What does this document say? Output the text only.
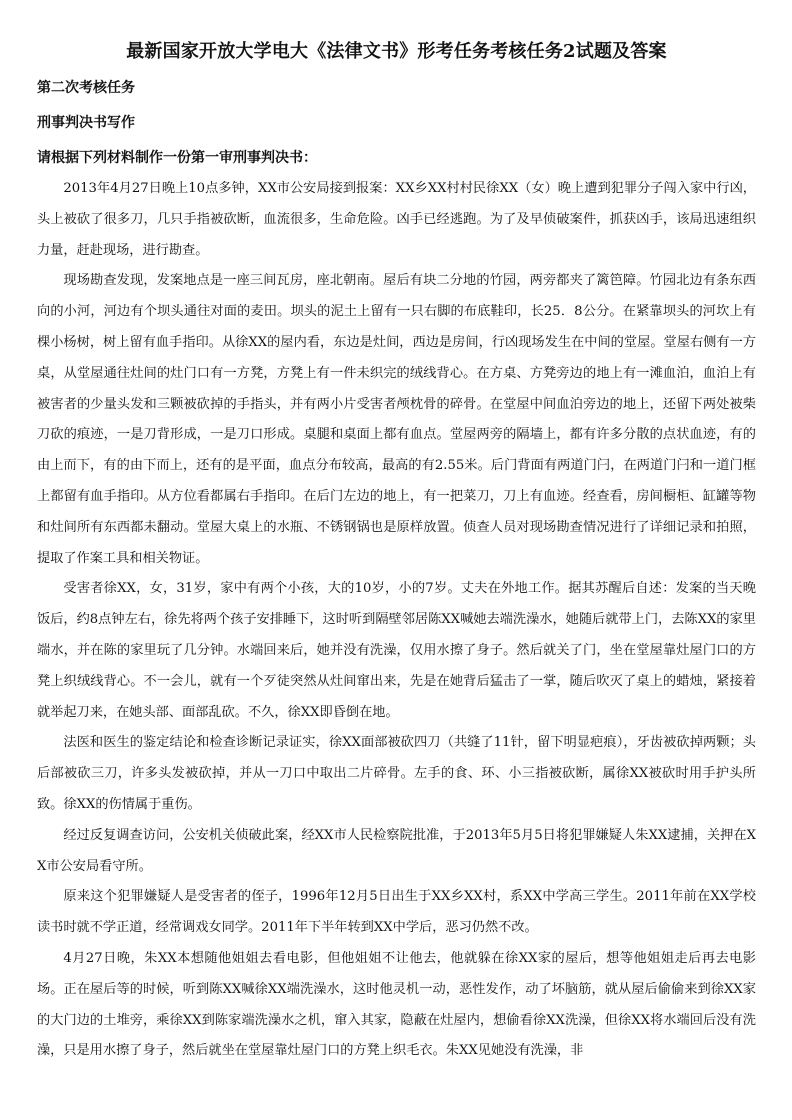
最新国家开放大学电大《法律文书》形考任务考核任务2试题及答案
第二次考核任务
刑事判决书写作
请根据下列材料制作一份第一审刑事判决书：

2013年4月27日晚上10点多钟，XX市公安局接到报案：XX乡XX村村民徐XX（女）晚上遭到犯罪分子闯入家中行凶，头上被砍了很多刀，几只手指被砍断，血流很多，生命危险。凶手已经逃跑。为了及早侦破案件，抓获凶手，该局迅速组织力量，赶赴现场，进行勘查。

现场勘查发现，发案地点是一座三间瓦房，座北朝南。屋后有块二分地的竹园，两旁都夹了篱笆障。竹园北边有条东西向的小河，河边有个坝头通往对面的麦田。坝头的泥土上留有一只右脚的布底鞋印，长25．8公分。在紧靠坝头的河坎上有棵小杨树，树上留有血手指印。从徐XX的屋内看，东边是灶间，西边是房间，行凶现场发生在中间的堂屋。堂屋右侧有一方桌，从堂屋通往灶间的灶门口有一方凳，方凳上有一件未织完的绒线背心。在方桌、方凳旁边的地上有一滩血泊，血泊上有被害者的少量头发和三颗被砍掉的手指头，并有两小片受害者颅枕骨的碎骨。在堂屋中间血泊旁边的地上，还留下两处被柴刀砍的痕迹，一是刀背形成，一是刀口形成。桌腿和桌面上都有血点。堂屋两旁的隔墙上，都有许多分散的点状血迹，有的由上而下，有的由下而上，还有的是平面，血点分布较高，最高的有2.55米。后门背面有两道门闩，在两道门闩和一道门框上都留有血手指印。从方位看都属右手指印。在后门左边的地上，有一把菜刀，刀上有血迹。经查看，房间橱柜、缸罐等物和灶间所有东西都未翻动。堂屋大桌上的水瓶、不锈钢锅也是原样放置。侦查人员对现场勘查情况进行了详细记录和拍照，提取了作案工具和相关物证。

受害者徐XX，女，31岁，家中有两个小孩，大的10岁，小的7岁。丈夫在外地工作。据其苏醒后自述：发案的当天晚饭后，约8点钟左右，徐先将两个孩子安排睡下，这时听到隔壁邻居陈XX喊她去端洗澡水，她随后就带上门，去陈XX的家里端水，并在陈的家里玩了几分钟。水端回来后，她并没有洗澡，仅用水擦了身子。然后就关了门，坐在堂屋靠灶屋门口的方凳上织绒线背心。不一会儿，就有一个歹徒突然从灶间窜出来，先是在她背后猛击了一掌，随后吹灭了桌上的蜡烛，紧接着就举起刀来，在她头部、面部乱砍。不久，徐XX即昏倒在地。

法医和医生的鉴定结论和检查诊断记录证实，徐XX面部被砍四刀（共缝了11针，留下明显疤痕），牙齿被砍掉两颗；头后部被砍三刀，许多头发被砍掉，并从一刀口中取出二片碎骨。左手的食、环、小三指被砍断，属徐XX被砍时用手护头所致。徐XX的伤情属于重伤。

经过反复调查访问，公安机关侦破此案，经XX市人民检察院批准，于2013年5月5日将犯罪嫌疑人朱XX逮捕，关押在XX市公安局看守所。

原来这个犯罪嫌疑人是受害者的侄子，1996年12月5日出生于XX乡XX村，系XX中学高三学生。2011年前在XX学校读书时就不学正道，经常调戏女同学。2011年下半年转到XX中学后，恶习仍然不改。

4月27日晚，朱XX本想随他姐姐去看电影，但他姐姐不让他去，他就躲在徐XX家的屋后，想等他姐姐走后再去电影场。正在屋后等的时候，听到陈XX喊徐XX端洗澡水，这时他灵机一动，恶性发作，动了坏脑筋，就从屋后偷偷来到徐XX家的大门边的土堆旁，乘徐XX到陈家端洗澡水之机，窜入其家，隐蔽在灶屋内，想偷看徐XX洗澡，但徐XX将水端回后没有洗澡，只是用水擦了身子，然后就坐在堂屋靠灶屋门口的方凳上织毛衣。朱XX见她没有洗澡，非
